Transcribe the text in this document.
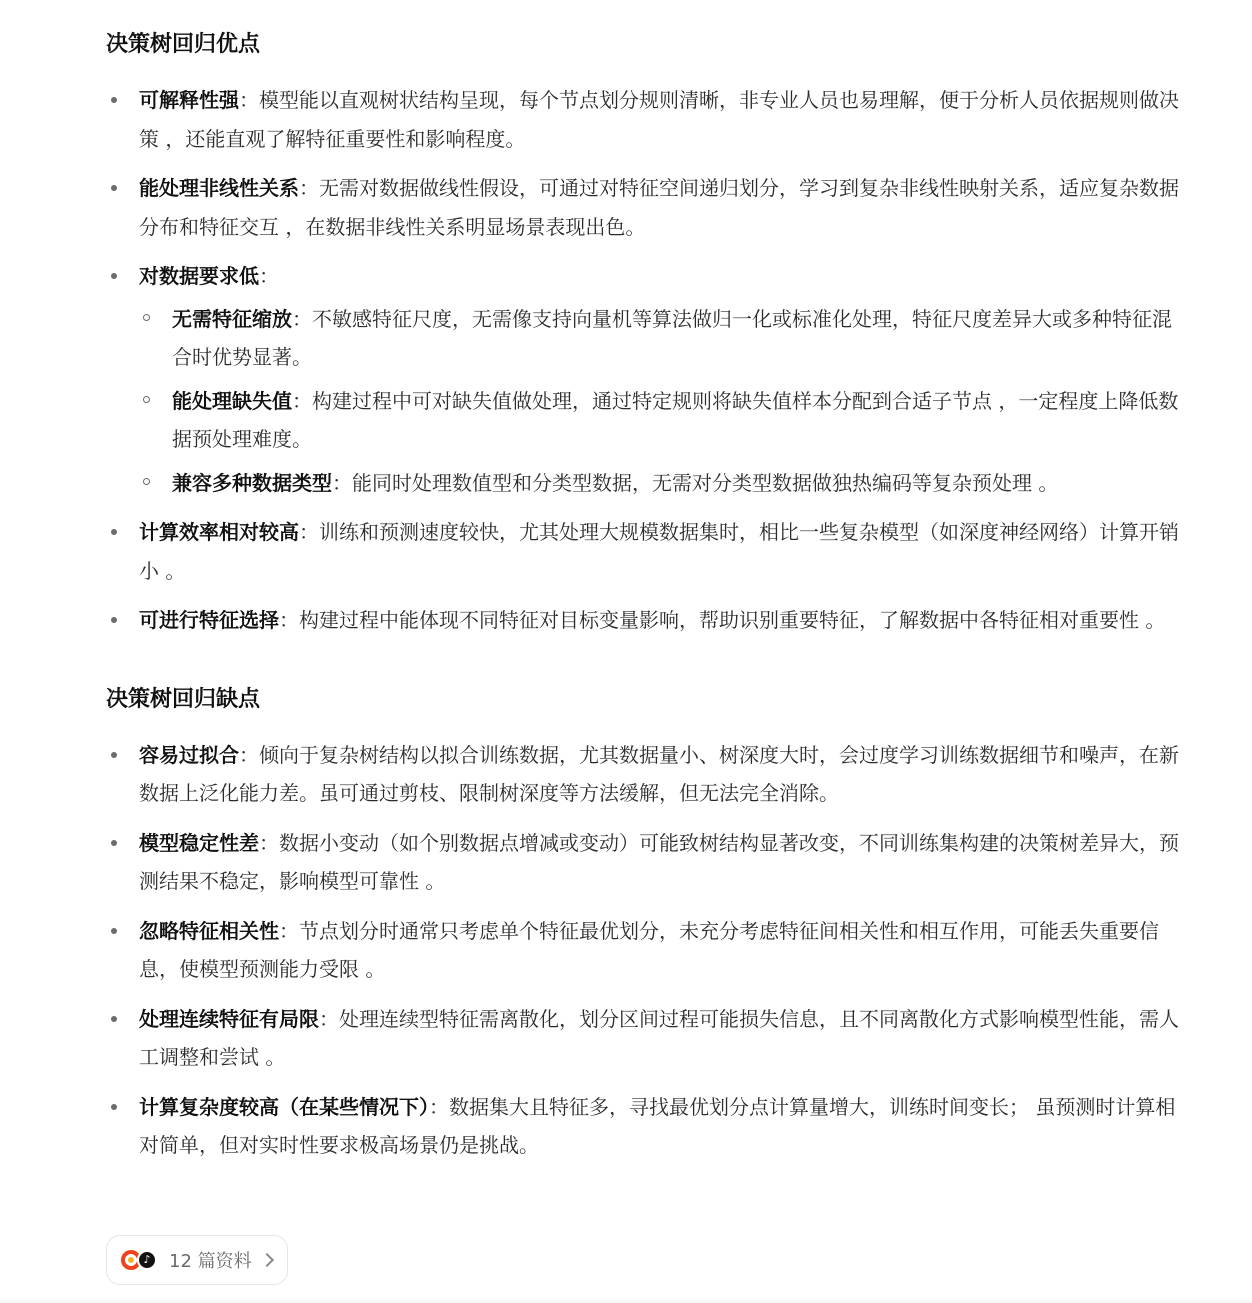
决策树回归优点
可解释性强：模型能以直观树状结构呈现，每个节点划分规则清晰，非专业人员也易理解，便于分析人员依据规则做决策 ，还能直观了解特征重要性和影响程度。
能处理非线性关系：无需对数据做线性假设，可通过对特征空间递归划分，学习到复杂非线性映射关系，适应复杂数据分布和特征交互 ，在数据非线性关系明显场景表现出色。
对数据要求低：
无需特征缩放：不敏感特征尺度，无需像支持向量机等算法做归一化或标准化处理，特征尺度差异大或多种特征混合时优势显著。
能处理缺失值：构建过程中可对缺失值做处理，通过特定规则将缺失值样本分配到合适子节点 ，一定程度上降低数据预处理难度。
兼容多种数据类型：能同时处理数值型和分类型数据，无需对分类型数据做独热编码等复杂预处理 。
计算效率相对较高：训练和预测速度较快，尤其处理大规模数据集时，相比一些复杂模型（如深度神经网络）计算开销小 。
可进行特征选择：构建过程中能体现不同特征对目标变量影响，帮助识别重要特征，了解数据中各特征相对重要性 。
决策树回归缺点
容易过拟合：倾向于复杂树结构以拟合训练数据，尤其数据量小、树深度大时，会过度学习训练数据细节和噪声，在新数据上泛化能力差。虽可通过剪枝、限制树深度等方法缓解，但无法完全消除。
模型稳定性差：数据小变动（如个别数据点增减或变动）可能致树结构显著改变，不同训练集构建的决策树差异大，预测结果不稳定，影响模型可靠性 。
忽略特征相关性：节点划分时通常只考虑单个特征最优划分，未充分考虑特征间相关性和相互作用，可能丢失重要信息，使模型预测能力受限 。
处理连续特征有局限：处理连续型特征需离散化，划分区间过程可能损失信息，且不同离散化方式影响模型性能，需人工调整和尝试 。
计算复杂度较高（在某些情况下）：数据集大且特征多，寻找最优划分点计算量增大，训练时间变长； 虽预测时计算相对简单，但对实时性要求极高场景仍是挑战。
♪	12 篇资料
